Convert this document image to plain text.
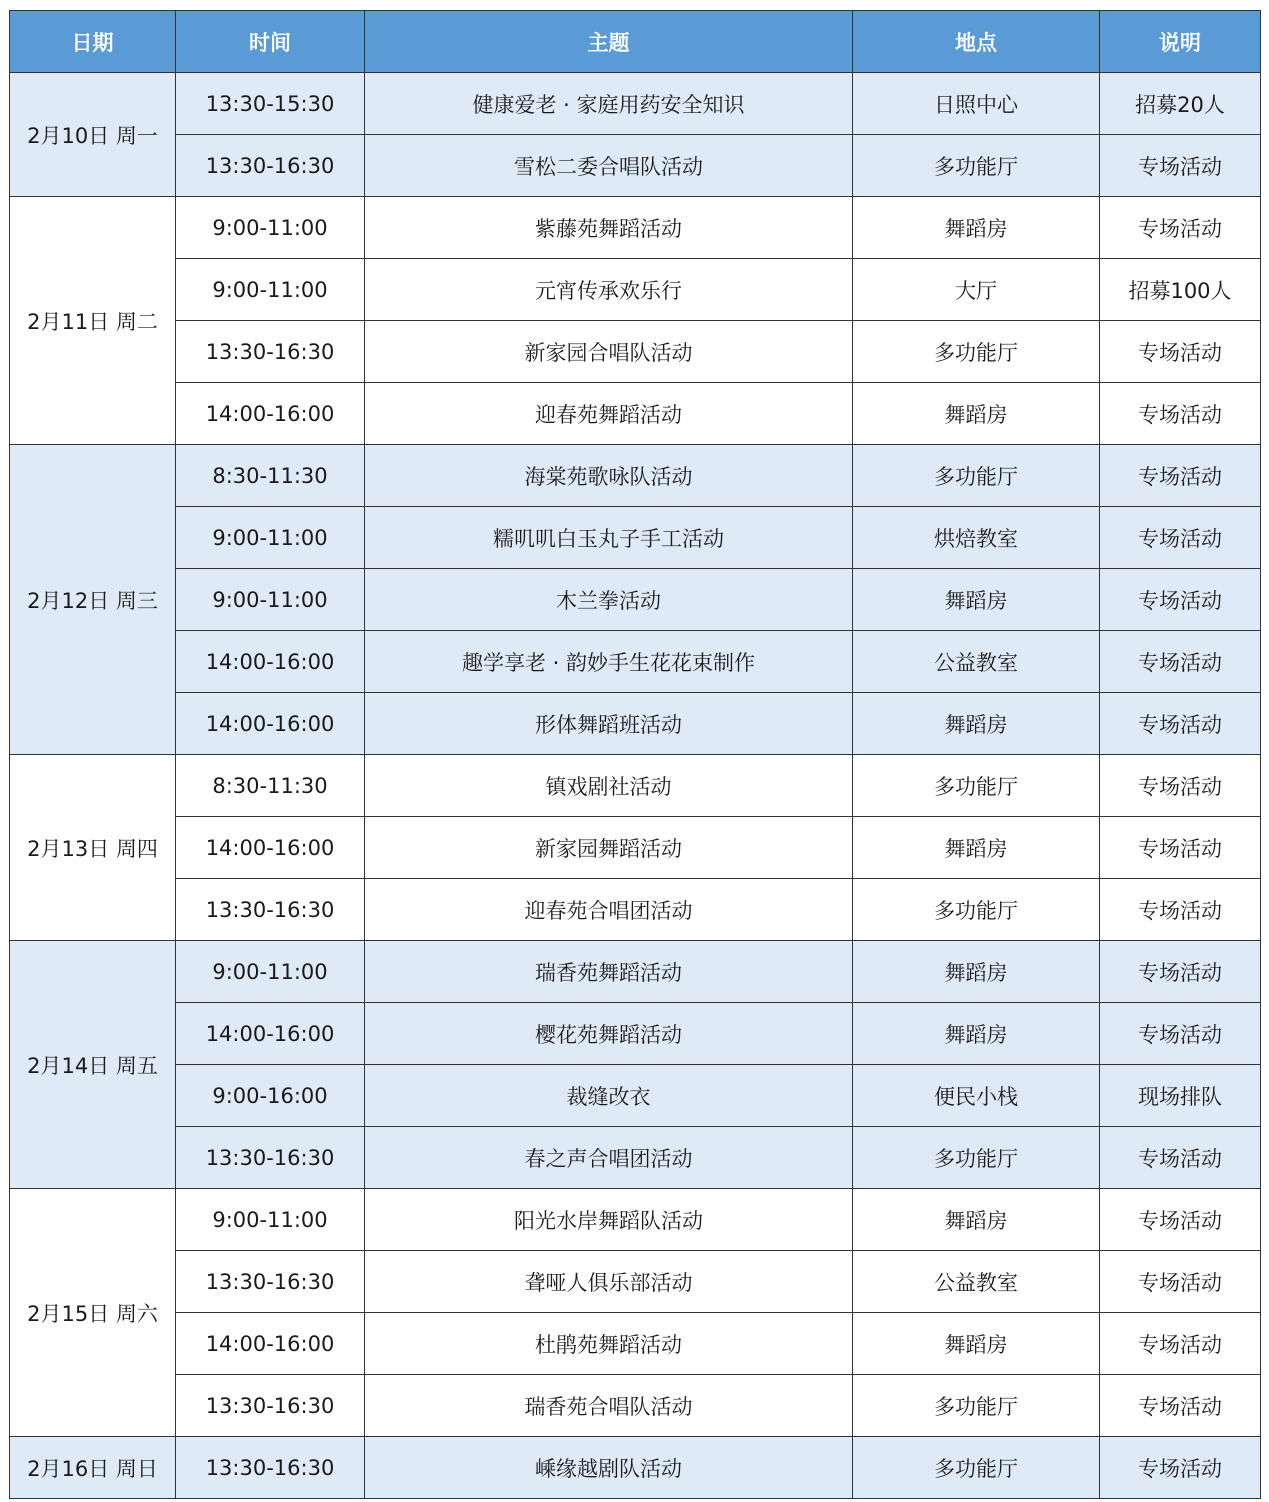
日期	时间	主题	地点	说明
2月10日 周一	13:30-15:30	健康爱老 · 家庭用药安全知识	日照中心	招募20人
	13:30-16:30	雪松二委合唱队活动	多功能厅	专场活动
2月11日 周二	9:00-11:00	紫藤苑舞蹈活动	舞蹈房	专场活动
	9:00-11:00	元宵传承欢乐行	大厅	招募100人
	13:30-16:30	新家园合唱队活动	多功能厅	专场活动
	14:00-16:00	迎春苑舞蹈活动	舞蹈房	专场活动
2月12日 周三	8:30-11:30	海棠苑歌咏队活动	多功能厅	专场活动
	9:00-11:00	糯叽叽白玉丸子手工活动	烘焙教室	专场活动
	9:00-11:00	木兰拳活动	舞蹈房	专场活动
	14:00-16:00	趣学享老 · 韵妙手生花花束制作	公益教室	专场活动
	14:00-16:00	形体舞蹈班活动	舞蹈房	专场活动
2月13日 周四	8:30-11:30	镇戏剧社活动	多功能厅	专场活动
	14:00-16:00	新家园舞蹈活动	舞蹈房	专场活动
	13:30-16:30	迎春苑合唱团活动	多功能厅	专场活动
2月14日 周五	9:00-11:00	瑞香苑舞蹈活动	舞蹈房	专场活动
	14:00-16:00	樱花苑舞蹈活动	舞蹈房	专场活动
	9:00-16:00	裁缝改衣	便民小栈	现场排队
	13:30-16:30	春之声合唱团活动	多功能厅	专场活动
2月15日 周六	9:00-11:00	阳光水岸舞蹈队活动	舞蹈房	专场活动
	13:30-16:30	聋哑人俱乐部活动	公益教室	专场活动
	14:00-16:00	杜鹃苑舞蹈活动	舞蹈房	专场活动
	13:30-16:30	瑞香苑合唱队活动	多功能厅	专场活动
2月16日 周日	13:30-16:30	嵊缘越剧队活动	多功能厅	专场活动
